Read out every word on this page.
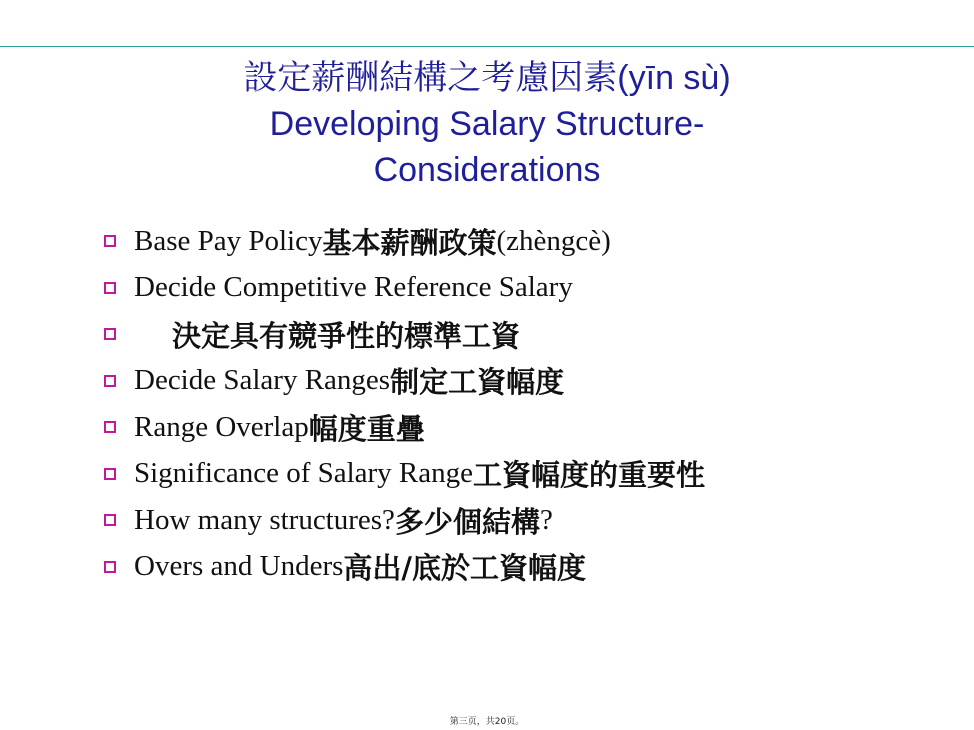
設定薪酬結構之考慮因素(yīn sù)
Developing Salary Structure-
Considerations
Base Pay Policy 基本薪酬政策 (zhèngcè)
Decide Competitive Reference Salary
決定具有競爭性的標準工資
Decide Salary Ranges 制定工資幅度
Range Overlap 幅度重疊
Significance of Salary Range 工資幅度的重要性
How many structures? 多少個結構 ?
Overs and Unders 高出/底於工資幅度
第三页，共20页。
